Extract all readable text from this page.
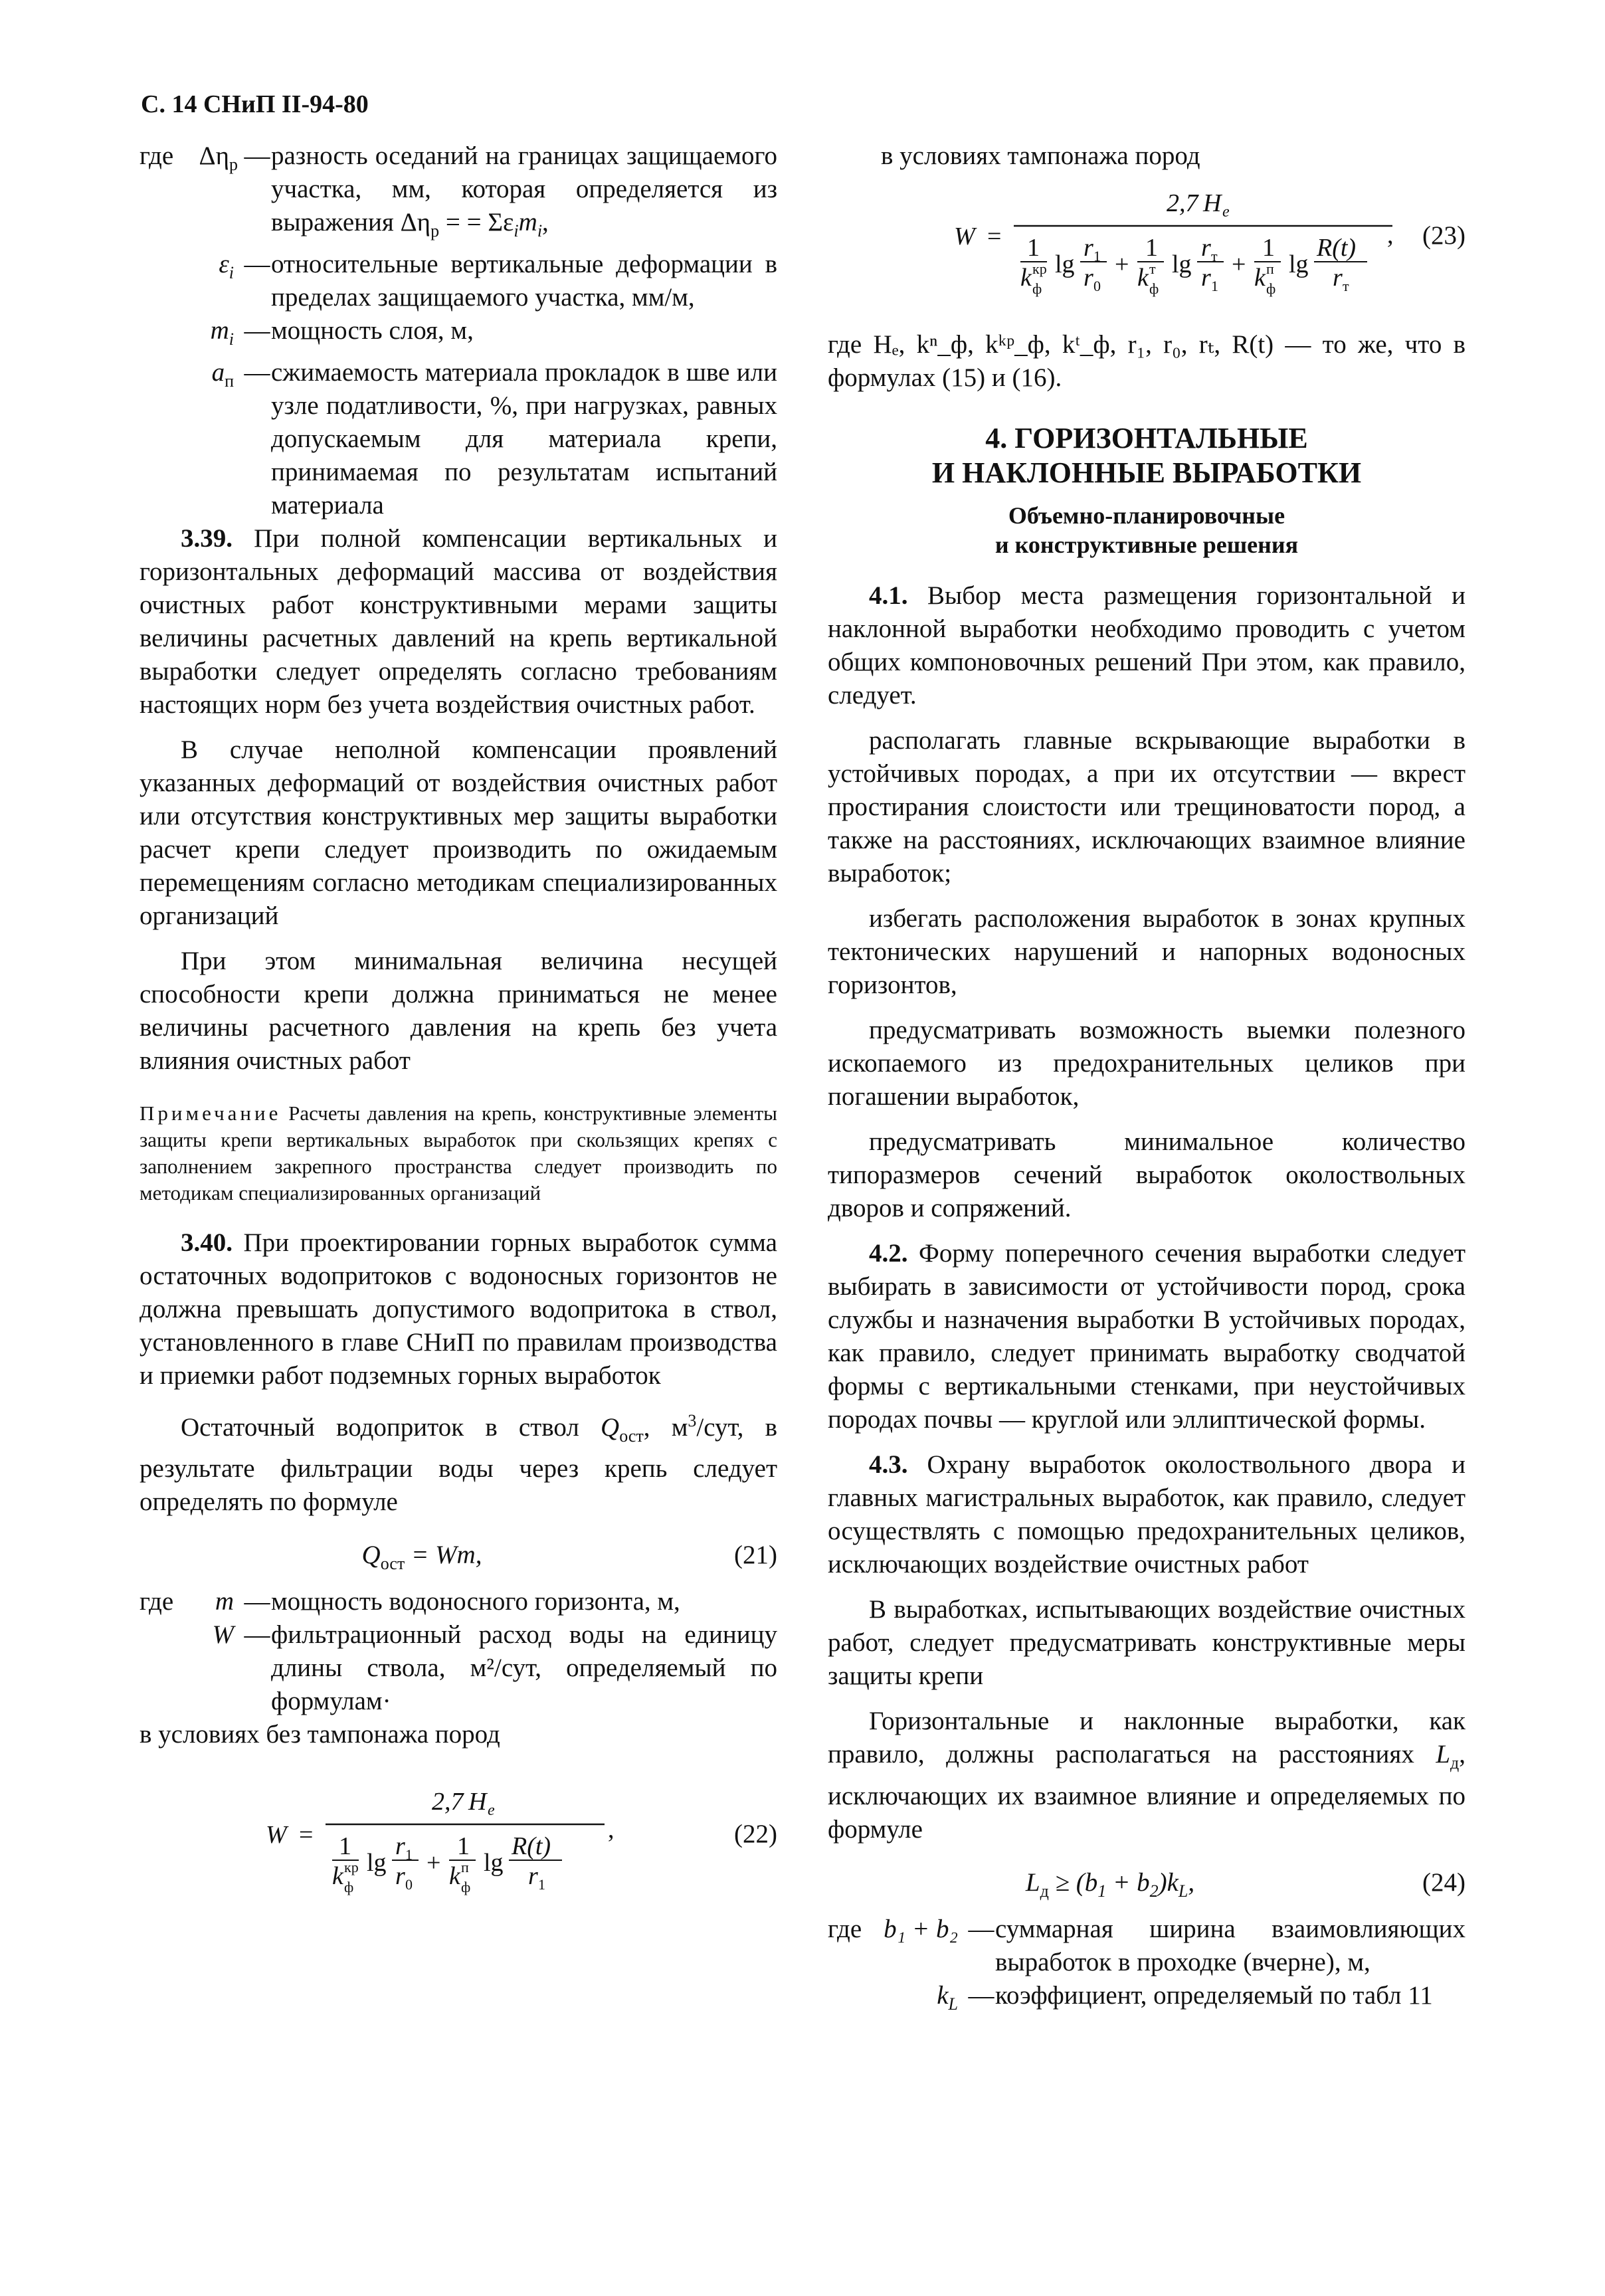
С. 14 СНиП II-94-80
где $\Delta\eta_р$ — разность оседаний на границах защищаемого участка, мм, которая определяется из выражения $\Delta\eta_р$ = = $\Sigma\varepsilon_im_i$,
$\varepsilon_i$ — относительные вертикальные деформации в пределах защищаемого участка, мм/м,
$m_i$ — мощность слоя, м,
$a_п$ — сжимаемость материала прокладок в шве или узле податливости, %, при нагрузках, равных допускаемым для материала крепи, принимаемая по результатам испытаний материала

3.39. При полной компенсации вертикальных и горизонтальных деформаций массива от воздействия очистных работ конструктивными мерами защиты величины расчетных давлений на крепь вертикальной выработки следует определять согласно требованиям настоящих норм без учета воздействия очистных работ.

В случае неполной компенсации проявлений указанных деформаций от воздействия очистных работ или отсутствия конструктивных мер защиты выработки расчет крепи следует производить по ожидаемым перемещениям согласно методикам специализированных организаций

При этом минимальная величина несущей способности крепи должна приниматься не менее величины расчетного давления на крепь без учета влияния очистных работ

Примечание Расчеты давления на крепь, конструктивные элементы защиты крепи вертикальных выработок при скользящих крепях с заполнением закрепного пространства следует производить по методикам специализированных организаций

3.40. При проектировании горных выработок сумма остаточных водопритоков с водоносных горизонтов не должна превышать допустимого водопритока в ствол, установленного в главе СНиП по правилам производства и приемки работ подземных горных выработок

Остаточный водоприток в ствол $Q_{ост}$, $м^3$/сут, в результате фильтрации воды через крепь следует определять по формуле

$Q_{ост} = Wm$,	(21)
где	m — мощность водоносного горизонта, м,
W — фильтрационный расход воды на единицу длины ствола, м²/сут, определяемый по формулам·

в условиях без тампонажа пород

W =
2,7 H e
1
k кр
ф
lg
r 1
r 0
+
1
k п
ф
lg
R(t)
r 1
,	(22)

в условиях тампонажа пород

W =
2,7 H e
1
k кр
ф
lg
r 1
r 0
+
1
k т
ф
lg
r т
r 1
+
1
k п
ф
lg
R(t)
r т
, (23)

где Hₑ, kⁿ_ф, kᵏᵖ_ф, kᵗ_ф, r₁, r₀, rₜ, R(t) — то же, что в формулах (15) и (16).

4. ГОРИЗОНТАЛЬНЫЕ
И НАКЛОННЫЕ ВЫРАБОТКИ
Объемно-планировочные
и конструктивные решения

4.1. Выбор места размещения горизонтальной и наклонной выработки необходимо проводить с учетом общих компоновочных решений При этом, как правило, следует.

располагать главные вскрывающие выработки в устойчивых породах, а при их отсутствии — вкрест простирания слоистости или трещиноватости пород, а также на расстояниях, исключающих взаимное влияние выработок;

избегать расположения выработок в зонах крупных тектонических нарушений и напорных водоносных горизонтов,

предусматривать возможность выемки полезного ископаемого из предохранительных целиков при погашении выработок,

предусматривать минимальное количество типоразмеров сечений выработок околоствольных дворов и сопряжений.

4.2. Форму поперечного сечения выработки следует выбирать в зависимости от устойчивости пород, срока службы и назначения выработки В устойчивых породах, как правило, следует принимать выработку сводчатой формы с вертикальными стенками, при неустойчивых породах почвы — круглой или эллиптической формы.

4.3. Охрану выработок околоствольного двора и главных магистральных выработок, как правило, следует осуществлять с помощью предохранительных целиков, исключающих воздействие очистных работ

В выработках, испытывающих воздействие очистных работ, следует предусматривать конструктивные меры защиты крепи

Горизонтальные и наклонные выработки, как правило, должны располагаться на расстояниях $L_д$, исключающих их взаимное влияние и определяемых по формуле

$L_д \ge (b_1 + b_2)k_L$,	(24)
где b₁ + b₂ — суммарная ширина взаимовлияющих выработок в проходке (вчерне), м,
$k_L$ — коэффициент, определяемый по табл 11
